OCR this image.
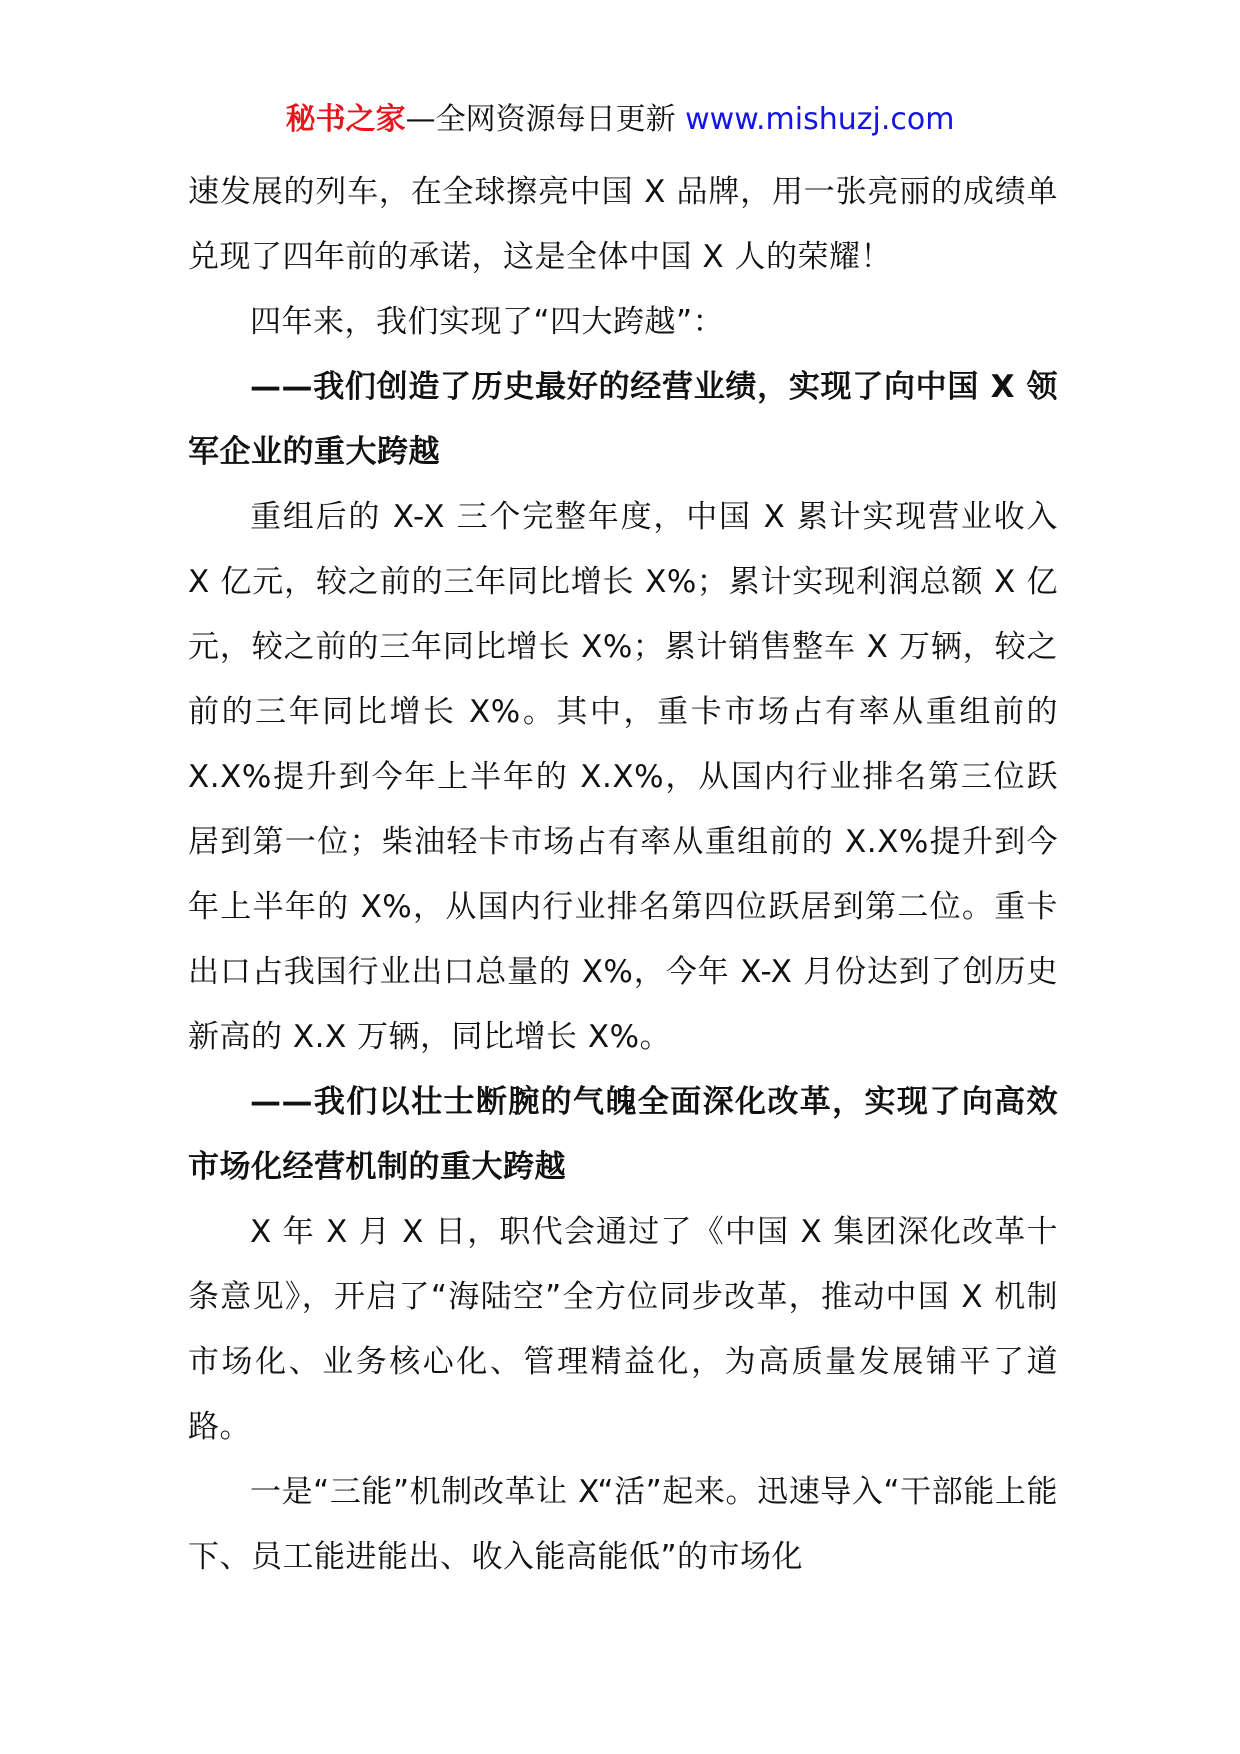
秘书之家—全网资源每日更新 www.mishuzj.com

速发展的列车，在全球擦亮中国 X 品牌，用一张亮丽的成绩单兑现了四年前的承诺，这是全体中国 X 人的荣耀！

四年来，我们实现了“四大跨越”：

——我们创造了历史最好的经营业绩，实现了向中国 X 领军企业的重大跨越

重组后的 X-X 三个完整年度，中国 X 累计实现营业收入 X 亿元，较之前的三年同比增长 X%；累计实现利润总额 X 亿元，较之前的三年同比增长 X%；累计销售整车 X 万辆，较之前的三年同比增长 X%。其中，重卡市场占有率从重组前的 X.X%提升到今年上半年的 X.X%，从国内行业排名第三位跃居到第一位；柴油轻卡市场占有率从重组前的 X.X%提升到今年上半年的 X%，从国内行业排名第四位跃居到第二位。重卡出口占我国行业出口总量的 X%，今年 X-X 月份达到了创历史新高的 X.X 万辆，同比增长 X%。

——我们以壮士断腕的气魄全面深化改革，实现了向高效市场化经营机制的重大跨越

X 年 X 月 X 日，职代会通过了《中国 X 集团深化改革十条意见》，开启了“海陆空”全方位同步改革，推动中国 X 机制市场化、业务核心化、管理精益化，为高质量发展铺平了道路。

一是“三能”机制改革让 X“活”起来。迅速导入“干部能上能下、员工能进能出、收入能高能低”的市场化
